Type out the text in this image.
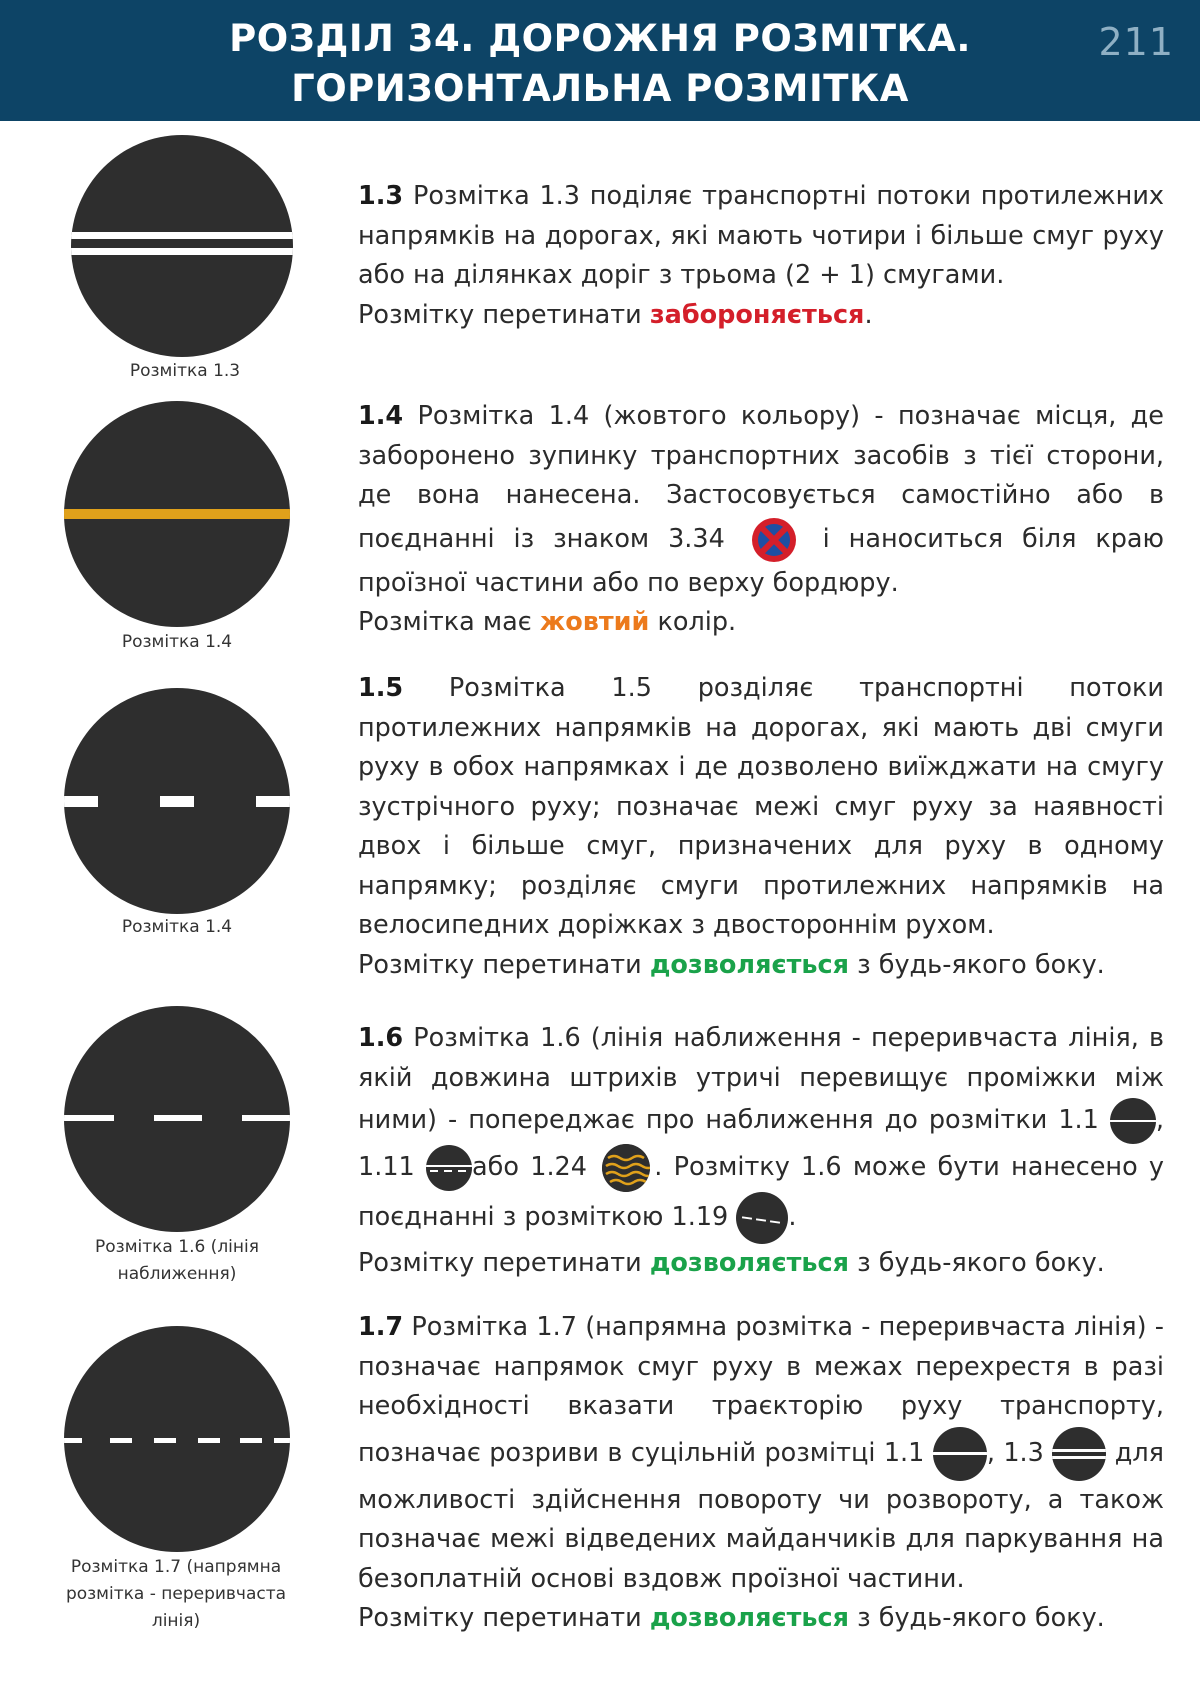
РОЗДІЛ 34. ДОРОЖНЯ РОЗМІТКА.
ГОРИЗОНТАЛЬНА РОЗМІТКА
211
Розмітка 1.3
Розмітка 1.4
Розмітка 1.4
Розмітка 1.6 (лінія
наближення)
Розмітка 1.7 (напрямна
розмітка - переривчаста
лінія)
1.3 Розмітка 1.3 поділяє транспортні потоки протилежних напрямків на дорогах, які мають чотири і більше смуг руху або на ділянках доріг з трьома (2 + 1) смугами.
Розмітку перетинати забороняється.
1.4 Розмітка 1.4 (жовтого кольору) - позначає місця, де заборонено зупинку транспортних засобів з тієї сторони, де вона нанесена. Застосовується самостійно або в поєднанні із знаком 3.34	і наноситься біля краю проїзної частини або по верху бордюру.
Розмітка має жовтий колір.
1.5 Розмітка 1.5 розділяє транспортні потоки протилежних напрямків на дорогах, які мають дві смуги руху в обох напрямках і де дозволено виїжджати на смугу зустрічного руху; позначає межі смуг руху за наявності двох і більше смуг, призначених для руху в одному напрямку; розділяє смуги протилежних напрямків на велосипедних доріжках з двостороннім рухом.
Розмітку перетинати дозволяється з будь-якого боку.
1.6 Розмітка 1.6 (лінія наближення - переривчаста лінія, в якій довжина штрихів утричі перевищує проміжки між ними) - попереджає про наближення до розмітки 1.1 , 1.11 або 1.24	. Розмітку 1.6 може бути нанесено у поєднанні з розміткою 1.19 .
Розмітку перетинати дозволяється з будь-якого боку.
1.7 Розмітка 1.7 (напрямна розмітка - переривчаста лінія) - позначає напрямок смуг руху в межах перехрестя в разі необхідності вказати траєкторію руху транспорту, позначає розриви в суцільній розмітці 1.1 , 1.3
для можливості здійснення повороту чи розвороту, а також позначає межі відведених майданчиків для паркування на безоплатній основі вздовж проїзної частини.
Розмітку перетинати дозволяється з будь-якого боку.
